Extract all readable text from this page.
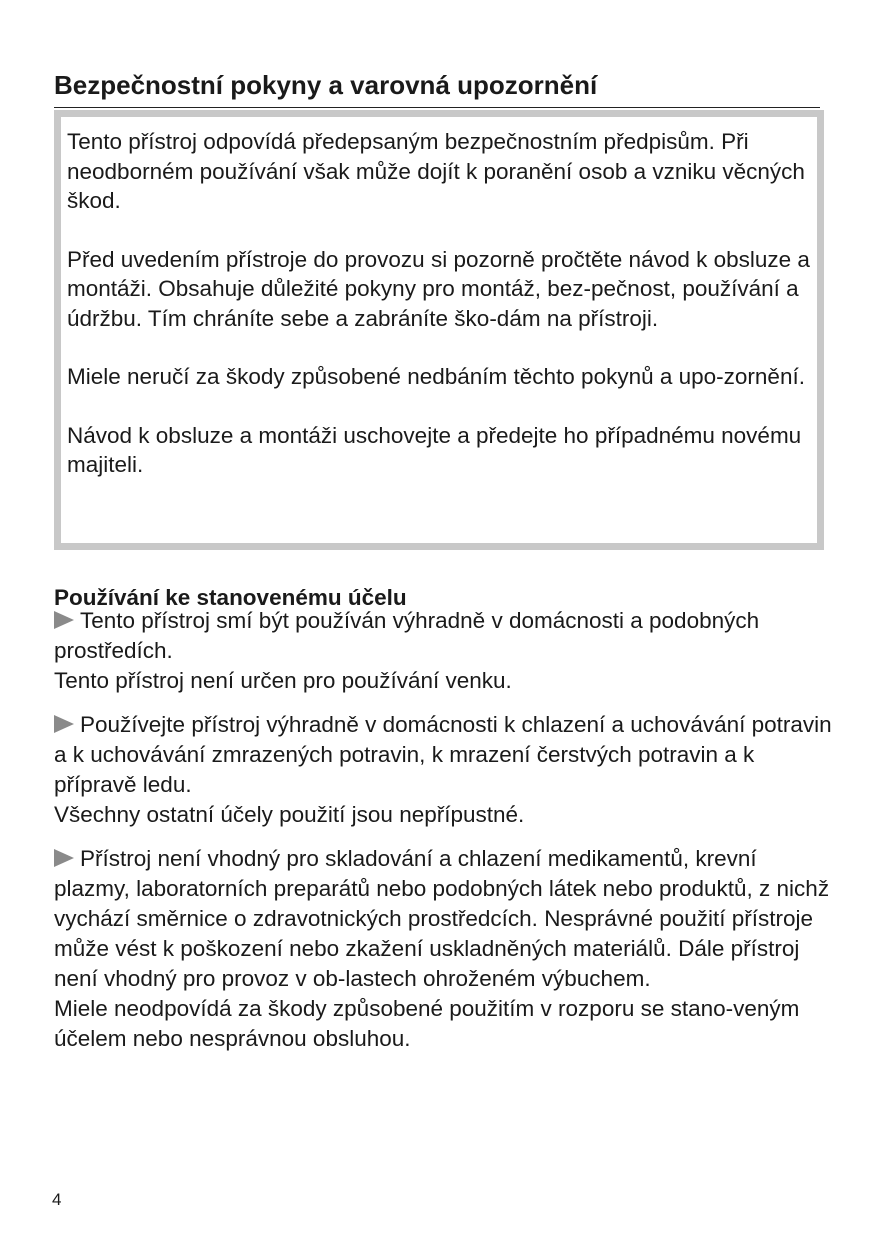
Bezpečnostní pokyny a varovná upozornění

Tento přístroj odpovídá předepsaným bezpečnostním předpisům. Při neodborném používání však může dojít k poranění osob a vzniku věcných škod.

Před uvedením přístroje do provozu si pozorně pročtěte návod k obsluze a montáži. Obsahuje důležité pokyny pro montáž, bez-pečnost, používání a údržbu. Tím chráníte sebe a zabráníte ško-dám na přístroji.

Miele neručí za škody způsobené nedbáním těchto pokynů a upo-zornění.

Návod k obsluze a montáži uschovejte a předejte ho případnému novému majiteli.

Používání ke stanovenému účelu

Tento přístroj smí být používán výhradně v domácnosti a podobných prostředích.

Tento přístroj není určen pro používání venku.

Používejte přístroj výhradně v domácnosti k chlazení a uchovávání potravin a k uchovávání zmrazených potravin, k mrazení čerstvých potravin a k přípravě ledu.

Všechny ostatní účely použití jsou nepřípustné.

Přístroj není vhodný pro skladování a chlazení medikamentů, krevní plazmy, laboratorních preparátů nebo podobných látek nebo produktů, z nichž vychází směrnice o zdravotnických prostředcích. Nesprávné použití přístroje může vést k poškození nebo zkažení uskladněných materiálů. Dále přístroj není vhodný pro provoz v ob-lastech ohroženém výbuchem.

Miele neodpovídá za škody způsobené použitím v rozporu se stano-veným účelem nebo nesprávnou obsluhou.

4
